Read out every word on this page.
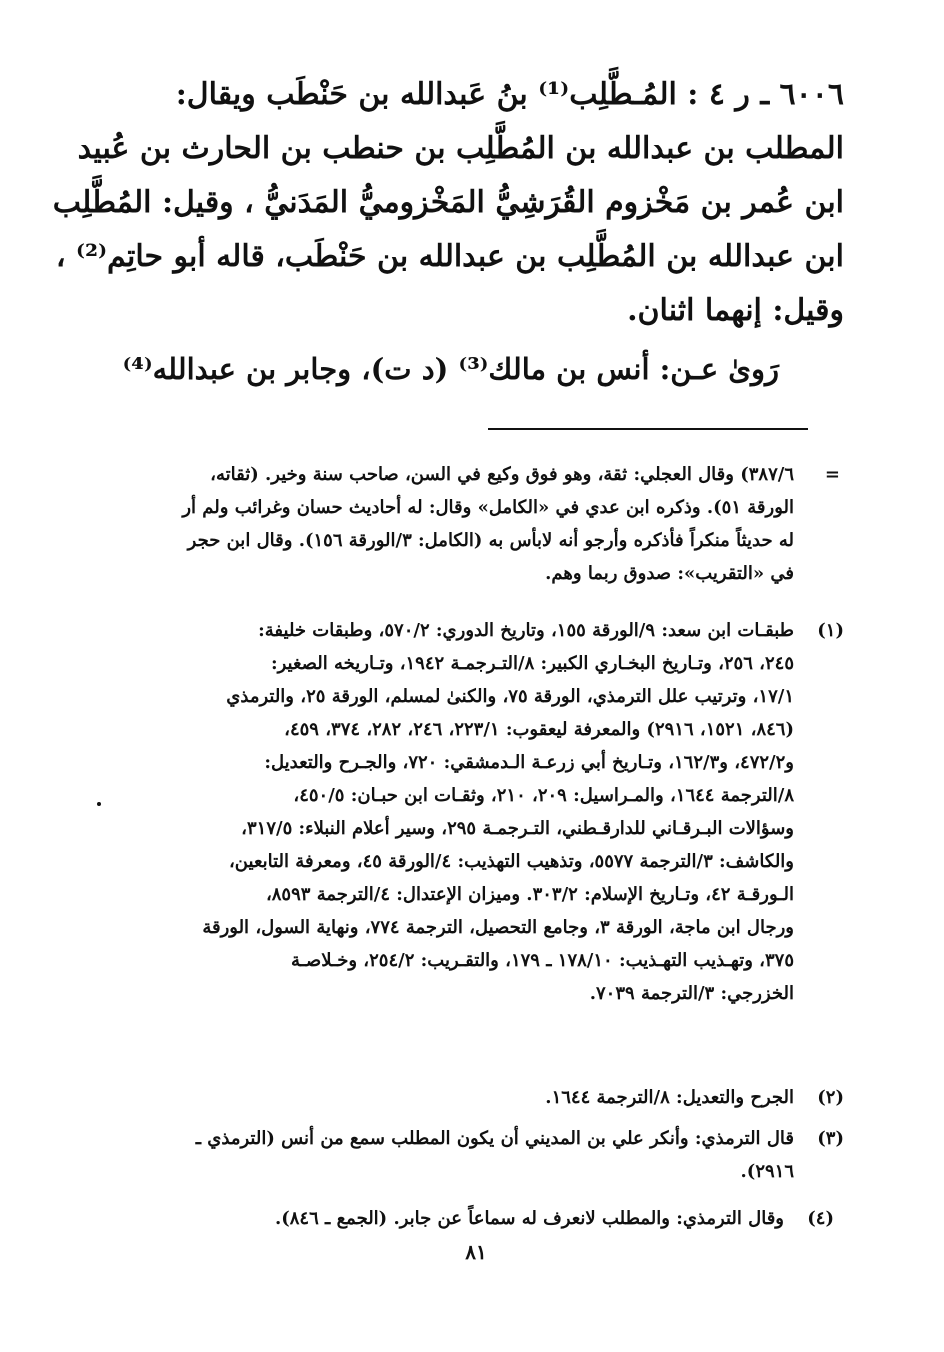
٦٠٠٦ ـ ر ٤ : المُـطَّلِب⁽¹⁾ بنُ عَبدالله بن حَنْطَب ويقال:

المطلب بن عبدالله بن المُطَّلِب بن حنطب بن الحارث بن عُبيد

ابن عُمر بن مَخْزوم القُرَشِيُّ المَخْزوميُّ المَدَنيُّ ، وقيل: المُطَّلِب

ابن عبدالله بن المُطَّلِب بن عبدالله بن حَنْطَب، قاله أبو حاتِم⁽²⁾ ،

وقيل: إنهما اثنان.

رَوىٰ عـن: أنس بن مالك⁽³⁾ (د ت)، وجابر بن عبدالله⁽⁴⁾
=
٣٨٧/٦) وقال العجلي: ثقة، وهو فوق وكيع في السن، صاحب سنة وخير. (ثقاته،
الورقة ٥١). وذكره ابن عدي في «الكامل» وقال: له أحاديث حسان وغرائب ولم أر
له حديثاً منكراً فأذكره وأرجو أنه لابأس به (الكامل: ٣/الورقة ١٥٦). وقال ابن حجر
في «التقريب»: صدوق ربما وهم.
(١)
طبقـات ابن سعد: ٩/الورقة ١٥٥، وتاريخ الدوري: ٥٧٠/٢، وطبقات خليفة:
٢٤٥، ٢٥٦، وتـاريخ البخـاري الكبير: ٨/التـرجمـة ١٩٤٢، وتـاريخه الصغير:
١٧/١، وترتيب علل الترمذي، الورقة ٧٥، والكنىٰ لمسلم، الورقة ٢٥، والترمذي
(٨٤٦، ١٥٢١، ٢٩١٦) والمعرفة ليعقوب: ٢٢٣/١، ٢٤٦، ٢٨٢، ٣٧٤، ٤٥٩،
و٤٧٢/٢، و١٦٢/٣، وتـاريخ أبي زرعـة الـدمشقي: ٧٢٠، والجـرح والتعديل:
٨/الترجمة ١٦٤٤، والمـراسيل: ٢٠٩، ٢١٠، وثقـات ابن حبـان: ٤٥٠/٥،
وسؤالات البـرقـاني للدارقـطني، التـرجمـة ٢٩٥، وسير أعلام النبلاء: ٣١٧/٥،
والكاشف: ٣/الترجمة ٥٥٧٧، وتذهيب التهذيب: ٤/الورقة ٤٥، ومعرفة التابعين،
الـورقـة ٤٢، وتـاريخ الإسلام: ٣٠٣/٢. وميزان الإعتدال: ٤/الترجمة ٨٥٩٣،
ورجال ابن ماجة، الورقة ٣، وجامع التحصيل، الترجمة ٧٧٤، ونهاية السول، الورقة
٣٧٥، وتهـذيب التهـذيب: ١٧٨/١٠ ـ ١٧٩، والتقـريب: ٢٥٤/٢، وخـلاصـة
الخزرجي: ٣/الترجمة ٧٠٣٩.
(٢)
الجرح والتعديل: ٨/الترجمة ١٦٤٤.
(٣)
قال الترمذي: وأنكر علي بن المديني أن يكون المطلب سمع من أنس (الترمذي ـ
٢٩١٦).
(٤)
وقال الترمذي: والمطلب لانعرف له سماعاً عن جابر. (الجمع ـ ٨٤٦).
٨١
